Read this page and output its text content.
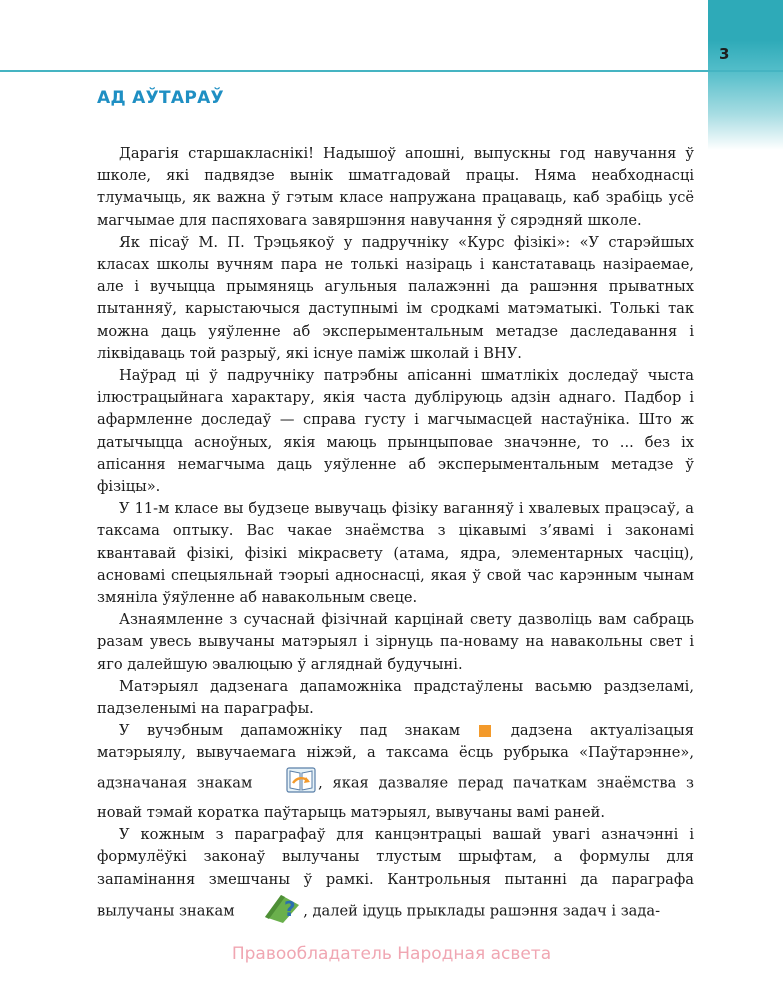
3
АД АЎТАРАЎ

Дарагія старшакласнікі! Надышоў апошні, выпускны год навучання ў школе, які падвядзе вынік шматгадовай працы. Няма неабходнасці тлумачыць, як важна ў гэтым класе напружана працаваць, каб зрабіць усё магчымае для паспяховага завяршэння навучання ў сярэдняй школе.

Як пісаў М. П. Трэцьякоў у падручніку «Курс фізікі»: «У старэйшых класах школы вучням пара не толькі назіраць і канстатаваць назіраемае, але і вучыцца прымяняць агульныя палажэнні да рашэння прыватных пытанняў, карыстаючыся даступнымі ім сродкамі матэматыкі. Толькі так можна даць уяўленне аб эксперыментальным метадзе даследавання і ліквідаваць той разрыў, які існуе паміж школай і ВНУ.

Наўрад ці ў падручніку патрэбны апісанні шматлікіх доследаў чыста ілюстрацыйнага характару, якія часта дубліруюць адзін аднаго. Падбор і афармленне доследаў — справа густу і магчымасцей настаўніка. Што ж датычыцца асноўных, якія маюць прынцыповае значэнне, то ... без іх апісання немагчыма даць уяўленне аб эксперыментальным метадзе ў фізіцы».

У 11-м класе вы будзеце вывучаць фізіку ваганняў і хвалевых працэсаў, а таксама оптыку. Вас чакае знаёмства з цікавымі з’явамі і законамі квантавай фізікі, фізікі мікрасвету (атама, ядра, элементарных часціц), асновамі спецыяльнай тэорыі адноснасці, якая ў свой час карэнным чынам змяніла ўяўленне аб навакольным свеце.

Азнаямленне з сучаснай фізічнай карцінай свету дазволіць вам сабраць разам увесь вывучаны матэрыял і зірнуць па-новаму на навакольны свет і яго далейшую эвалюцыю ў агляднай будучыні.

Матэрыял дадзенага дапаможніка прадстаўлены васьмю раздзеламі, падзеленымі на параграфы.

У вучэбным дапаможніку пад знакам	дадзена актуалізацыя матэрыялу, вывучаемага ніжэй, а таксама ёсць рубрыка «Паўтарэнне», адзначаная знакам	, якая дазваляе перад пачаткам знаёмства з новай тэмай коратка паўтарыць матэрыял, вывучаны вамі раней.

У кожным з параграфаў для канцэнтрацыі вашай увагі азначэнні і формулёўкі законаў вылучаны тлустым шрыфтам, а формулы для запамінання змешчаны ў рамкі. Кантрольныя пытанні да параграфа вылучаны знакам ? , далей ідуць прыклады рашэння задач і зада-

Правообладатель Народная асвета
